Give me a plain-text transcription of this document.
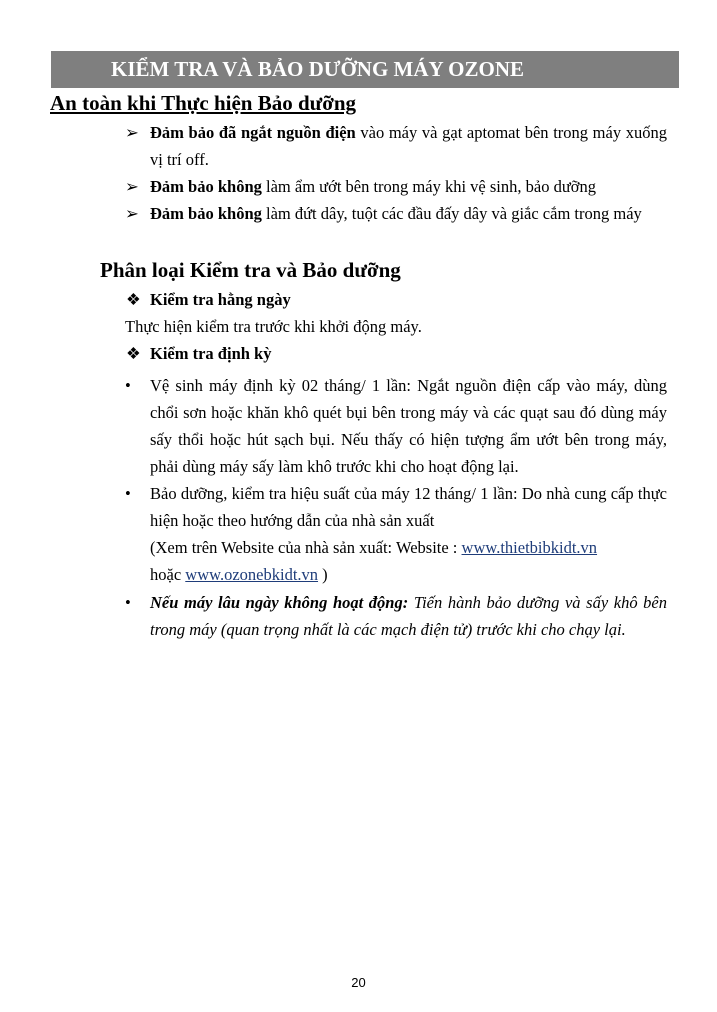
KIỂM TRA VÀ BẢO DƯỠNG MÁY OZONE
An toàn khi Thực hiện Bảo dưỡng
➢ Đảm bảo đã ngắt nguồn điện vào máy và gạt aptomat bên trong máy xuống vị trí off.
➢ Đảm bảo không làm ẩm ướt bên trong máy khi vệ sinh, bảo dưỡng
➢ Đảm bảo không làm đứt dây, tuột các đầu đấy dây và giắc cắm trong máy
Phân loại Kiểm tra và Bảo dưỡng
❖ Kiểm tra hằng ngày
Thực hiện kiểm tra trước khi khởi động máy.
❖ Kiểm tra định kỳ
• Vệ sinh máy định kỳ 02 tháng/ 1 lần: Ngắt nguồn điện cấp vào máy, dùng chổi sơn hoặc khăn khô quét bụi bên trong máy và các quạt sau đó dùng máy sấy thổi hoặc hút sạch bụi. Nếu thấy có hiện tượng ẩm ướt bên trong máy, phải dùng máy sấy làm khô trước khi cho hoạt động lại.
• Bảo dưỡng, kiểm tra hiệu suất của máy 12 tháng/ 1 lần: Do nhà cung cấp thực hiện hoặc theo hướng dẫn của nhà sản xuất
(Xem trên Website của nhà sản xuất: Website : www.thietbibkidt.vn
hoặc www.ozonebkidt.vn )
• Nếu máy lâu ngày không hoạt động: Tiến hành bảo dưỡng và sấy khô bên trong máy (quan trọng nhất là các mạch điện tử) trước khi cho chạy lại.
20
